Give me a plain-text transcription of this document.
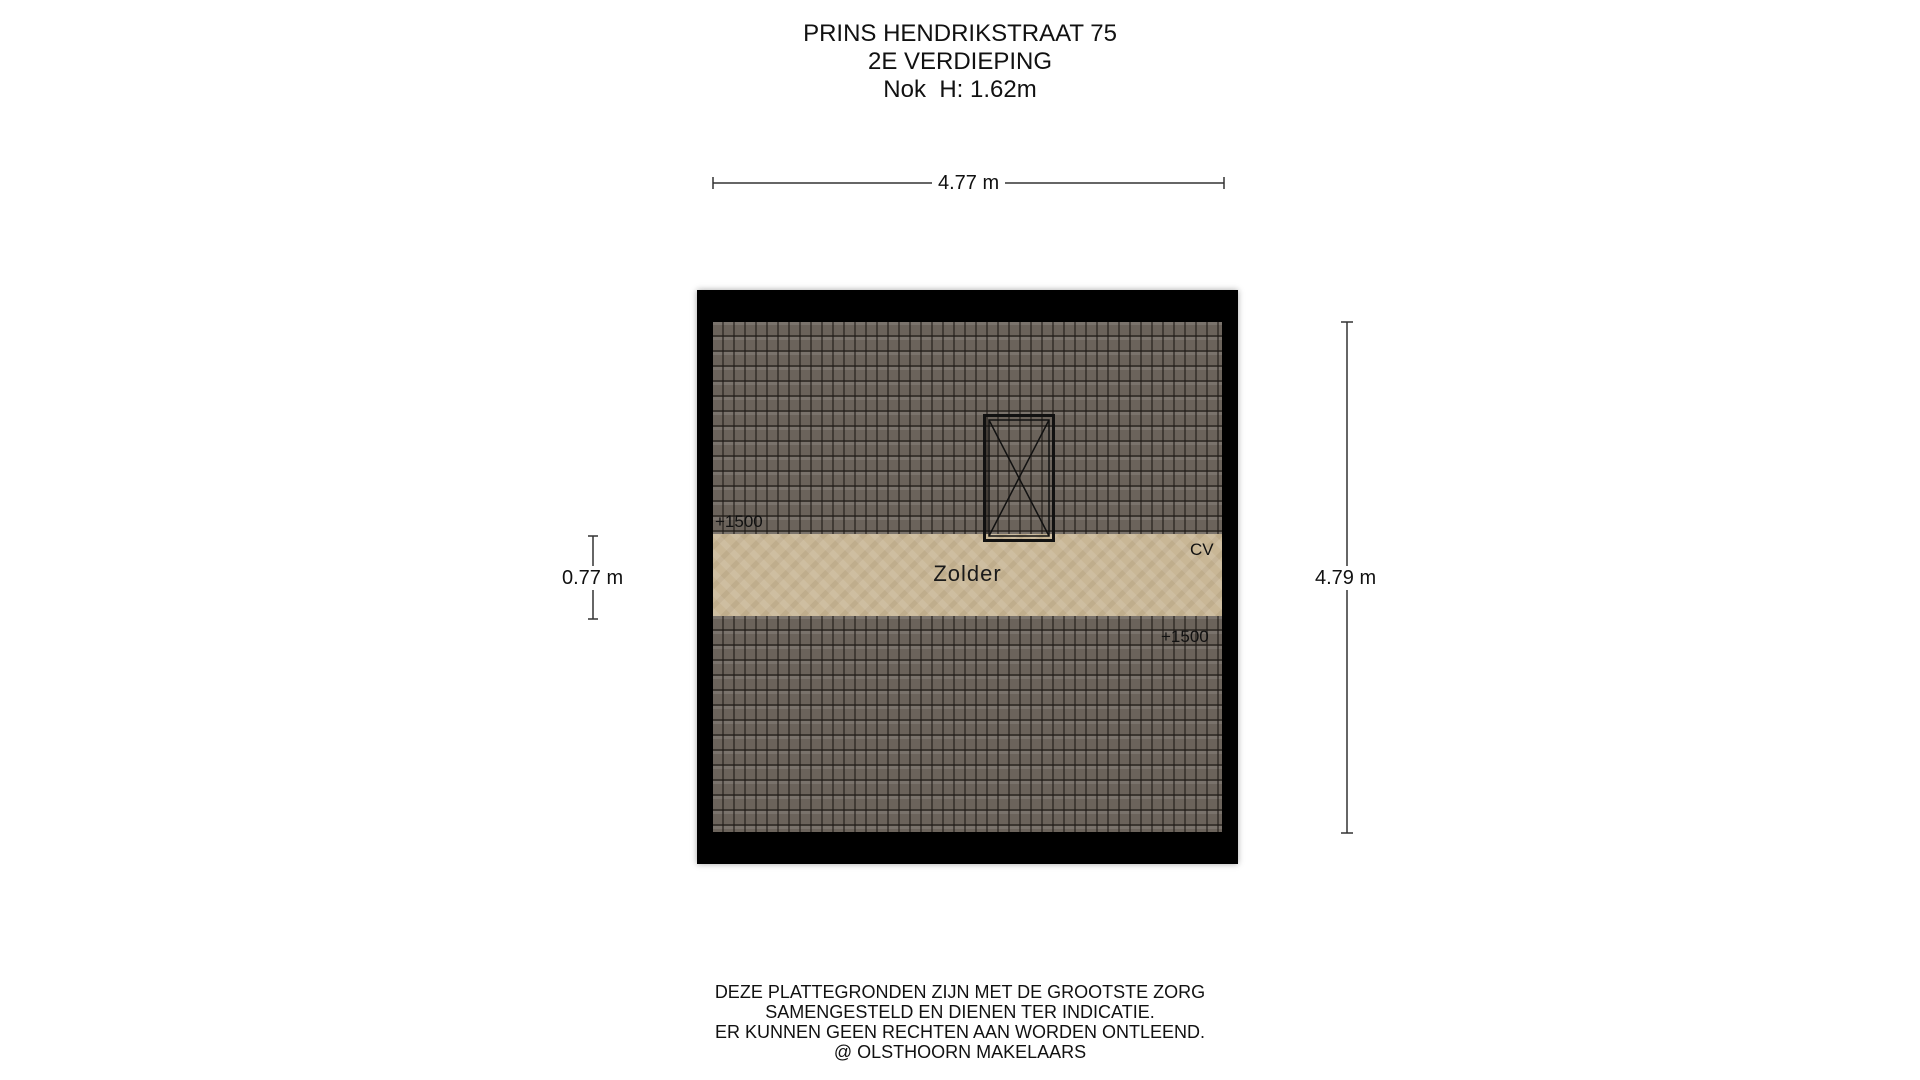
PRINS HENDRIKSTRAAT 75
2E VERDIEPING
Nok  H: 1.62m
4.77 m
4.79 m
0.77 m
+1500
CV
Zolder
+1500
DEZE PLATTEGRONDEN ZIJN MET DE GROOTSTE ZORG
SAMENGESTELD EN DIENEN TER INDICATIE.
ER KUNNEN GEEN RECHTEN AAN WORDEN ONTLEEND.
@ OLSTHOORN MAKELAARS
